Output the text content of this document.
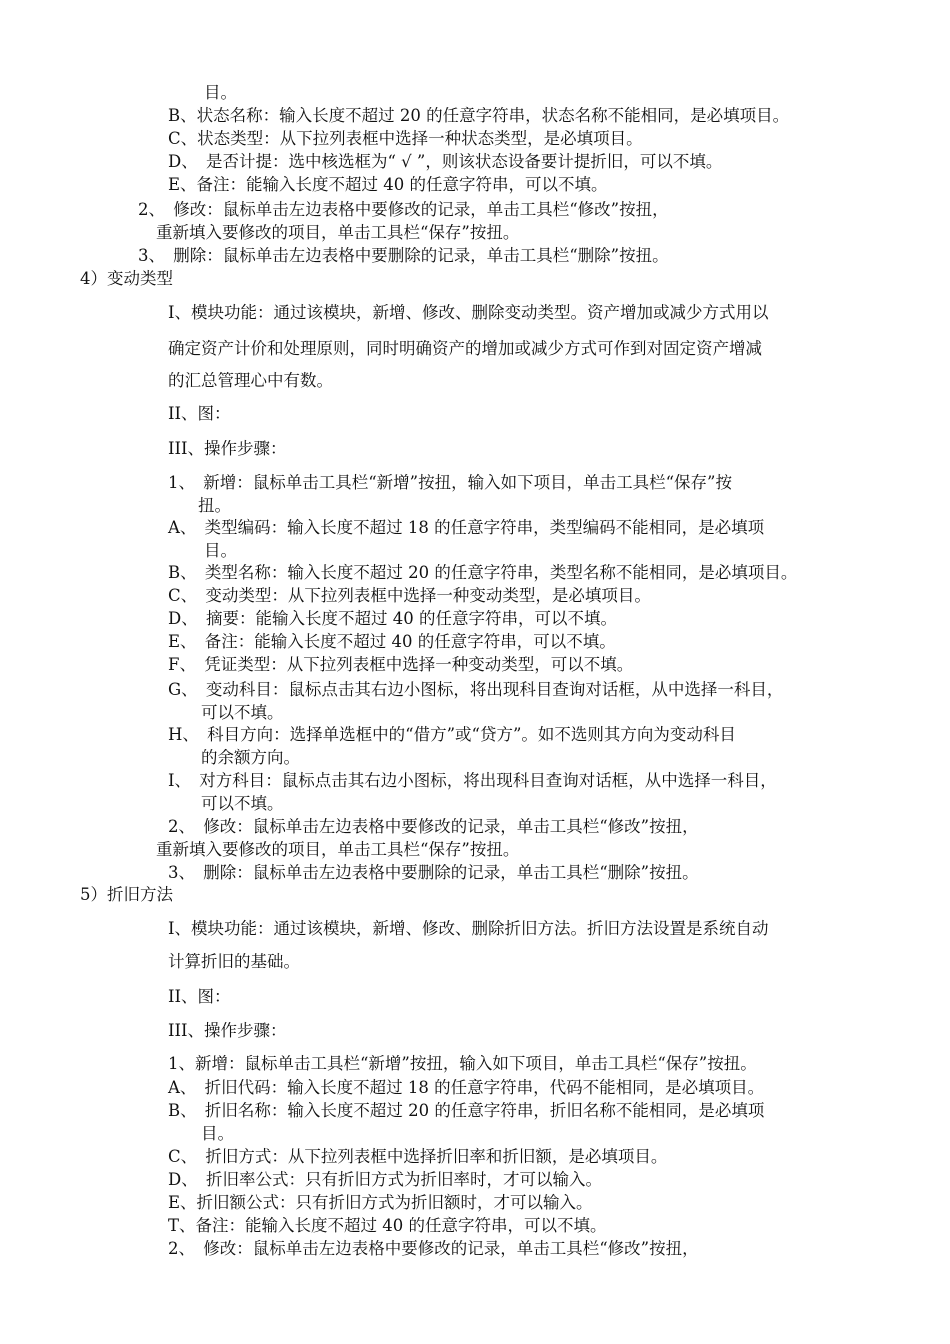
目。
B、状态名称：输入长度不超过 20 的任意字符串，状态名称不能相同，是必填项目。
C、状态类型：从下拉列表框中选择一种状态类型，是必填项目。
D、　是否计提：选中核选框为“ √ ”，则该状态设备要计提折旧，可以不填。
E、备注：能输入长度不超过 40 的任意字符串，可以不填。
2、　修改：鼠标单击左边表格中要修改的记录，单击工具栏“修改”按扭，
重新填入要修改的项目，单击工具栏“保存”按扭。
3、　删除：鼠标单击左边表格中要删除的记录，单击工具栏“删除”按扭。
4）变动类型
I、模块功能：通过该模块，新增、修改、删除变动类型。资产增加或减少方式用以
确定资产计价和处理原则，同时明确资产的增加或减少方式可作到对固定资产增减
的汇总管理心中有数。
II、图：
III、操作步骤：
1、　新增：鼠标单击工具栏“新增”按扭，输入如下项目，单击工具栏“保存”按
扭。
A、　类型编码：输入长度不超过 18 的任意字符串，类型编码不能相同，是必填项
目。
B、　类型名称：输入长度不超过 20 的任意字符串，类型名称不能相同，是必填项目。
C、　变动类型：从下拉列表框中选择一种变动类型，是必填项目。
D、　摘要：能输入长度不超过 40 的任意字符串，可以不填。
E、　备注：能输入长度不超过 40 的任意字符串，可以不填。
F、　凭证类型：从下拉列表框中选择一种变动类型，可以不填。
G、　变动科目：鼠标点击其右边小图标，将出现科目查询对话框，从中选择一科目，
可以不填。
H、　科目方向：选择单选框中的“借方”或“贷方”。如不选则其方向为变动科目
的余额方向。
I、　对方科目：鼠标点击其右边小图标，将出现科目查询对话框，从中选择一科目，
可以不填。
2、　修改：鼠标单击左边表格中要修改的记录，单击工具栏“修改”按扭，
重新填入要修改的项目，单击工具栏“保存”按扭。
3、　删除：鼠标单击左边表格中要删除的记录，单击工具栏“删除”按扭。
5）折旧方法
I、模块功能：通过该模块，新增、修改、删除折旧方法。折旧方法设置是系统自动
计算折旧的基础。
II、图：
III、操作步骤：
1、新增：鼠标单击工具栏“新增”按扭，输入如下项目，单击工具栏“保存”按扭。
A、　折旧代码：输入长度不超过 18 的任意字符串，代码不能相同，是必填项目。
B、　折旧名称：输入长度不超过 20 的任意字符串，折旧名称不能相同，是必填项
目。
C、　折旧方式：从下拉列表框中选择折旧率和折旧额，是必填项目。
D、　折旧率公式：只有折旧方式为折旧率时，才可以输入。
E、折旧额公式：只有折旧方式为折旧额时，才可以输入。
T、备注：能输入长度不超过 40 的任意字符串，可以不填。
2、　修改：鼠标单击左边表格中要修改的记录，单击工具栏“修改”按扭，
